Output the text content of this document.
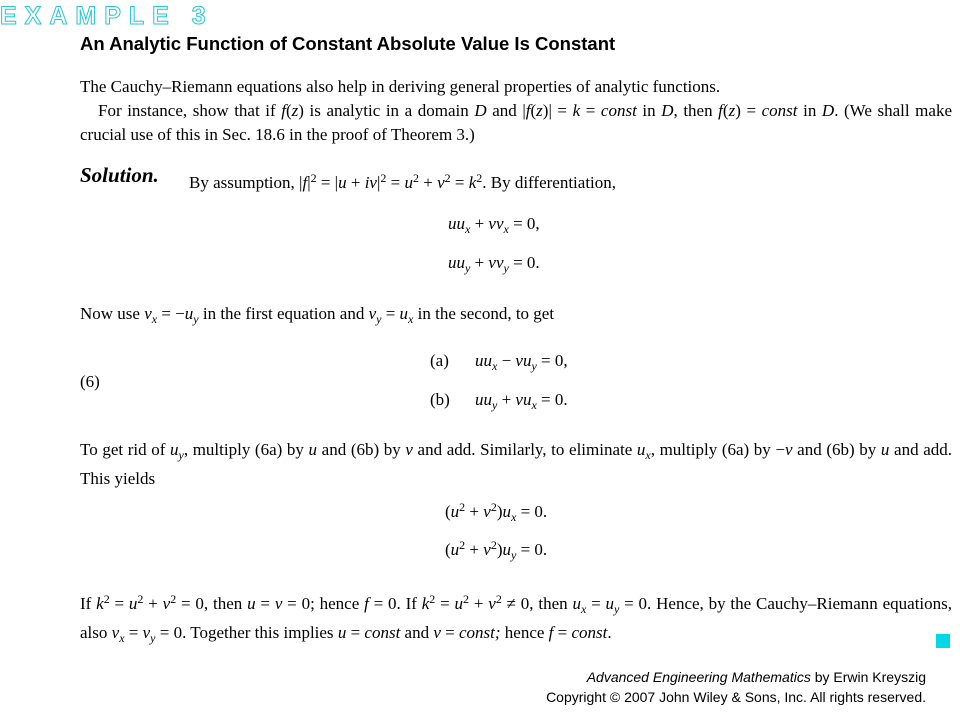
EXAMPLE 3
An Analytic Function of Constant Absolute Value Is Constant
The Cauchy–Riemann equations also help in deriving general properties of analytic functions.
For instance, show that if f(z) is analytic in a domain D and |f(z)| = k = const in D, then f(z) = const in D. (We shall make crucial use of this in Sec. 18.6 in the proof of Theorem 3.)
Solution. By assumption, $|f|^2 = |u + iv|^2 = u^2 + v^2 = k^2$. By differentiation,
$uu_x + vv_x = 0$,
$uu_y + vv_y = 0$.
Now use $v_x = -u_y$ in the first equation and $v_y = u_x$ in the second, to get
(6)
(a) $uu_x - vu_y = 0$,
(b) $uu_y + vu_x = 0$.
To get rid of $u_y$, multiply (6a) by u and (6b) by v and add. Similarly, to eliminate $u_x$, multiply (6a) by −v and (6b) by u and add. This yields
$(u^2 + v^2)u_x = 0$.
$(u^2 + v^2)u_y = 0$.
If $k^2 = u^2 + v^2 = 0$, then u = v = 0; hence f = 0. If $k^2 = u^2 + v^2 \ne 0$, then $u_x = u_y = 0$. Hence, by the Cauchy–Riemann equations, also $v_x = v_y = 0$. Together this implies u = const and v = const; hence f = const.
Advanced Engineering Mathematics by Erwin Kreyszig
Copyright © 2007 John Wiley & Sons, Inc. All rights reserved.
